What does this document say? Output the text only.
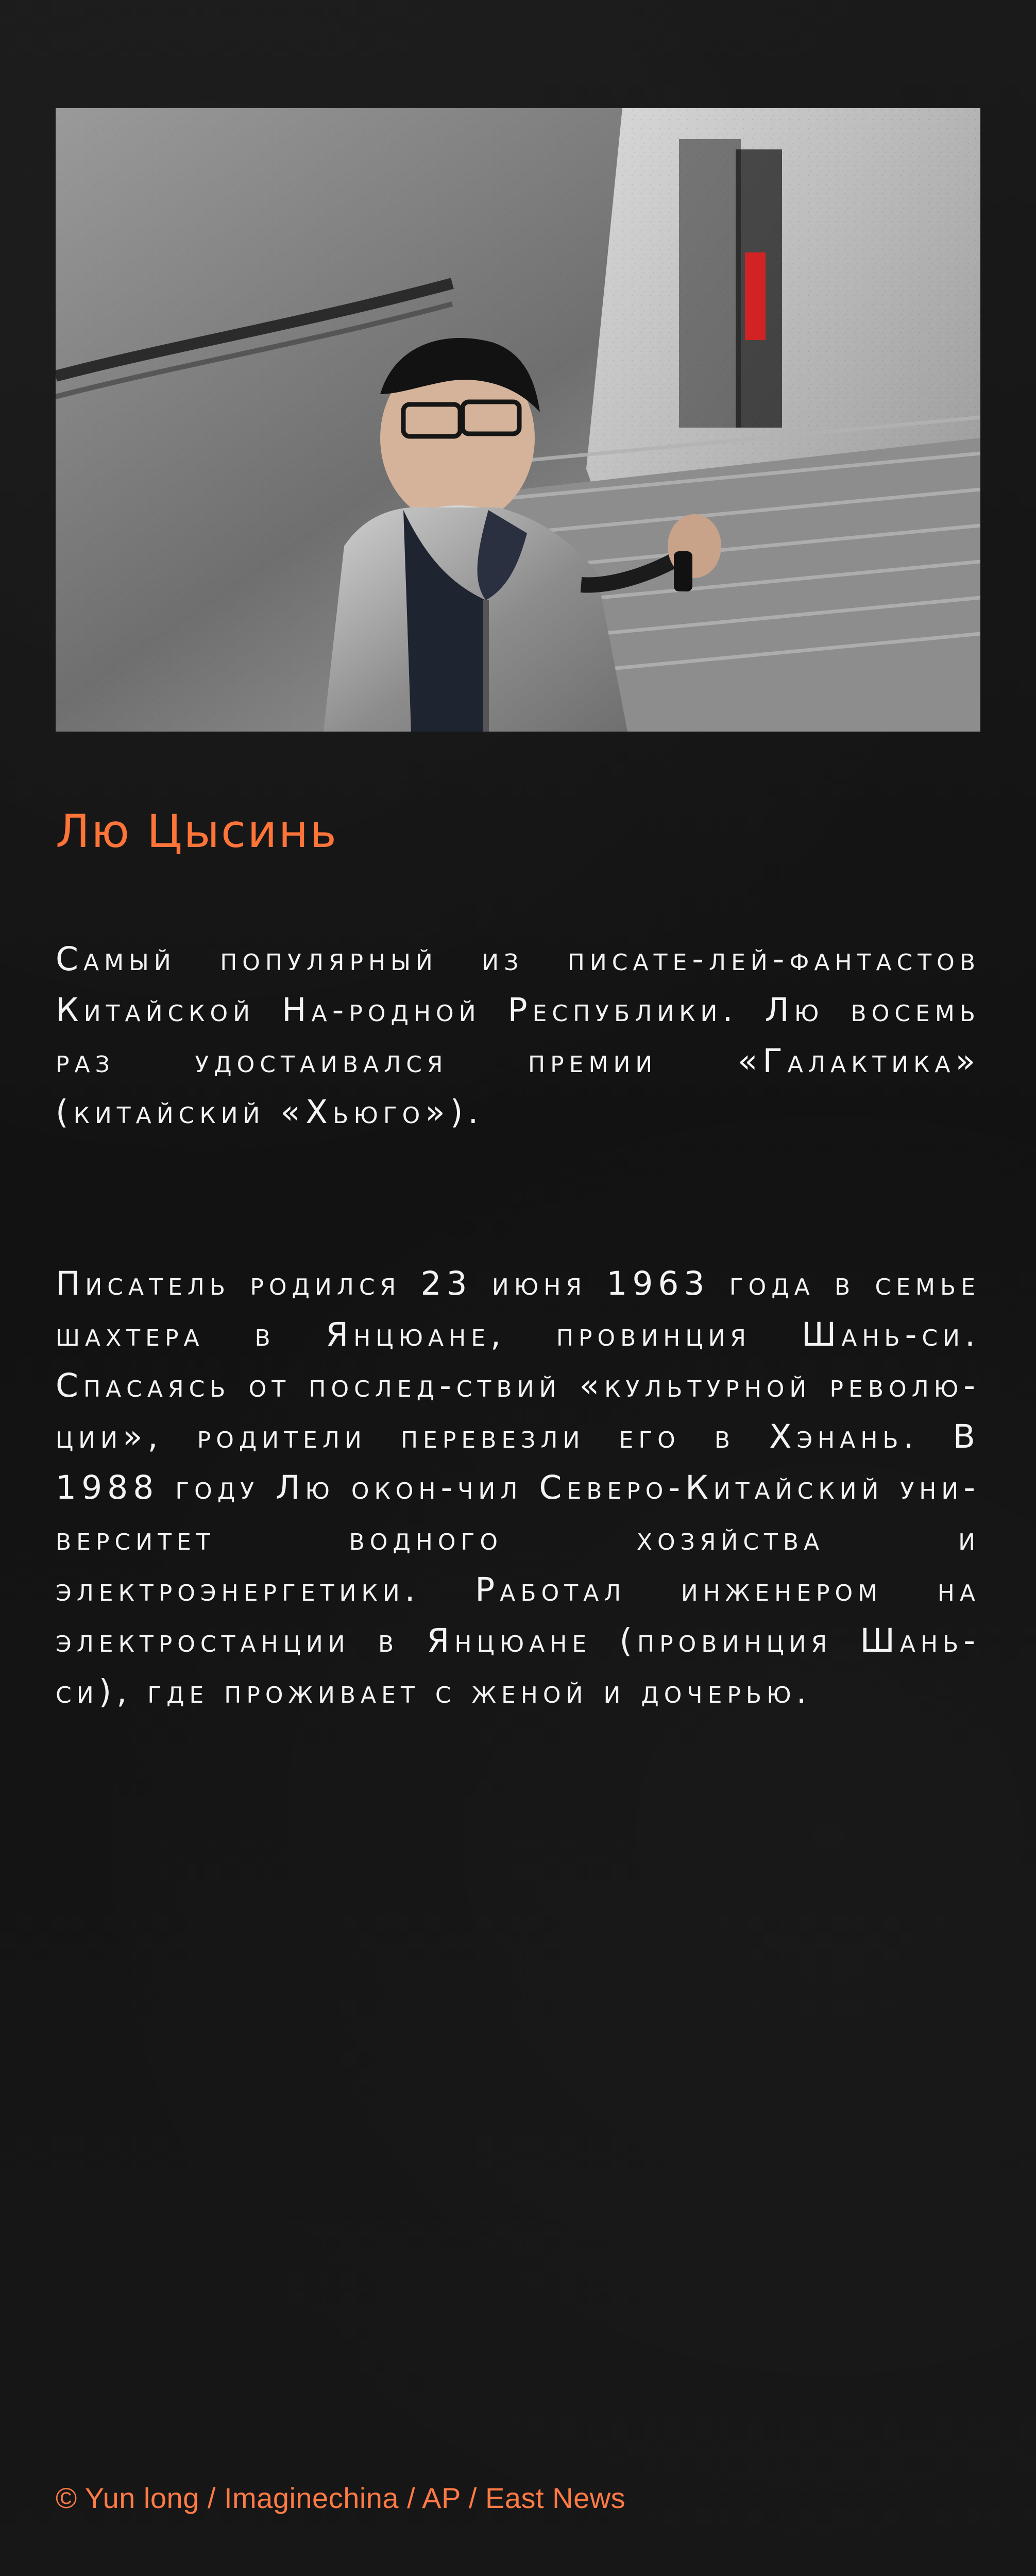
Лю Цысинь
Самый популярный из писате-лей-фантастов Китайской На-родной Республики. Лю восемь раз удостаивался премии «Галактика» (китайский «Хьюго»).
Писатель родился 23 июня 1963 года в семье шахтера в Янцюане, провинция Шань-си. Спасаясь от послед-ствий «культурной револю-ции», родители перевезли его в Хэнань. В 1988 году Лю окон-чил Северо-Китайский уни-верситет водного хозяйства и электроэнергетики. Работал инженером на электростанции в Янцюане (провинция Шань-си), где проживает с женой и дочерью.
© Yun long / Imaginechina / AP / East News
